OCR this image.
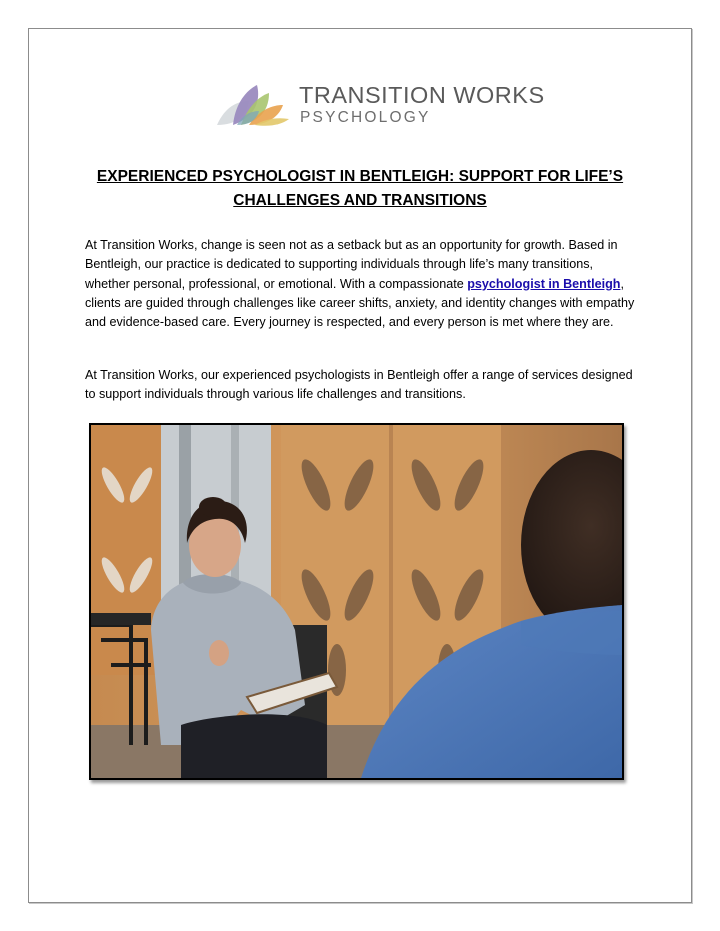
TRANSITION WORKS
PSYCHOLOGY
EXPERIENCED PSYCHOLOGIST IN BENTLEIGH: SUPPORT FOR LIFE’S
CHALLENGES AND TRANSITIONS
At Transition Works, change is seen not as a setback but as an opportunity for growth. Based in Bentleigh, our practice is dedicated to supporting individuals through life’s many transitions, whether personal, professional, or emotional. With a compassionate psychologist in Bentleigh, clients are guided through challenges like career shifts, anxiety, and identity changes with empathy and evidence-based care. Every journey is respected, and every person is met where they are.
At Transition Works, our experienced psychologists in Bentleigh offer a range of services designed to support individuals through various life challenges and transitions.
